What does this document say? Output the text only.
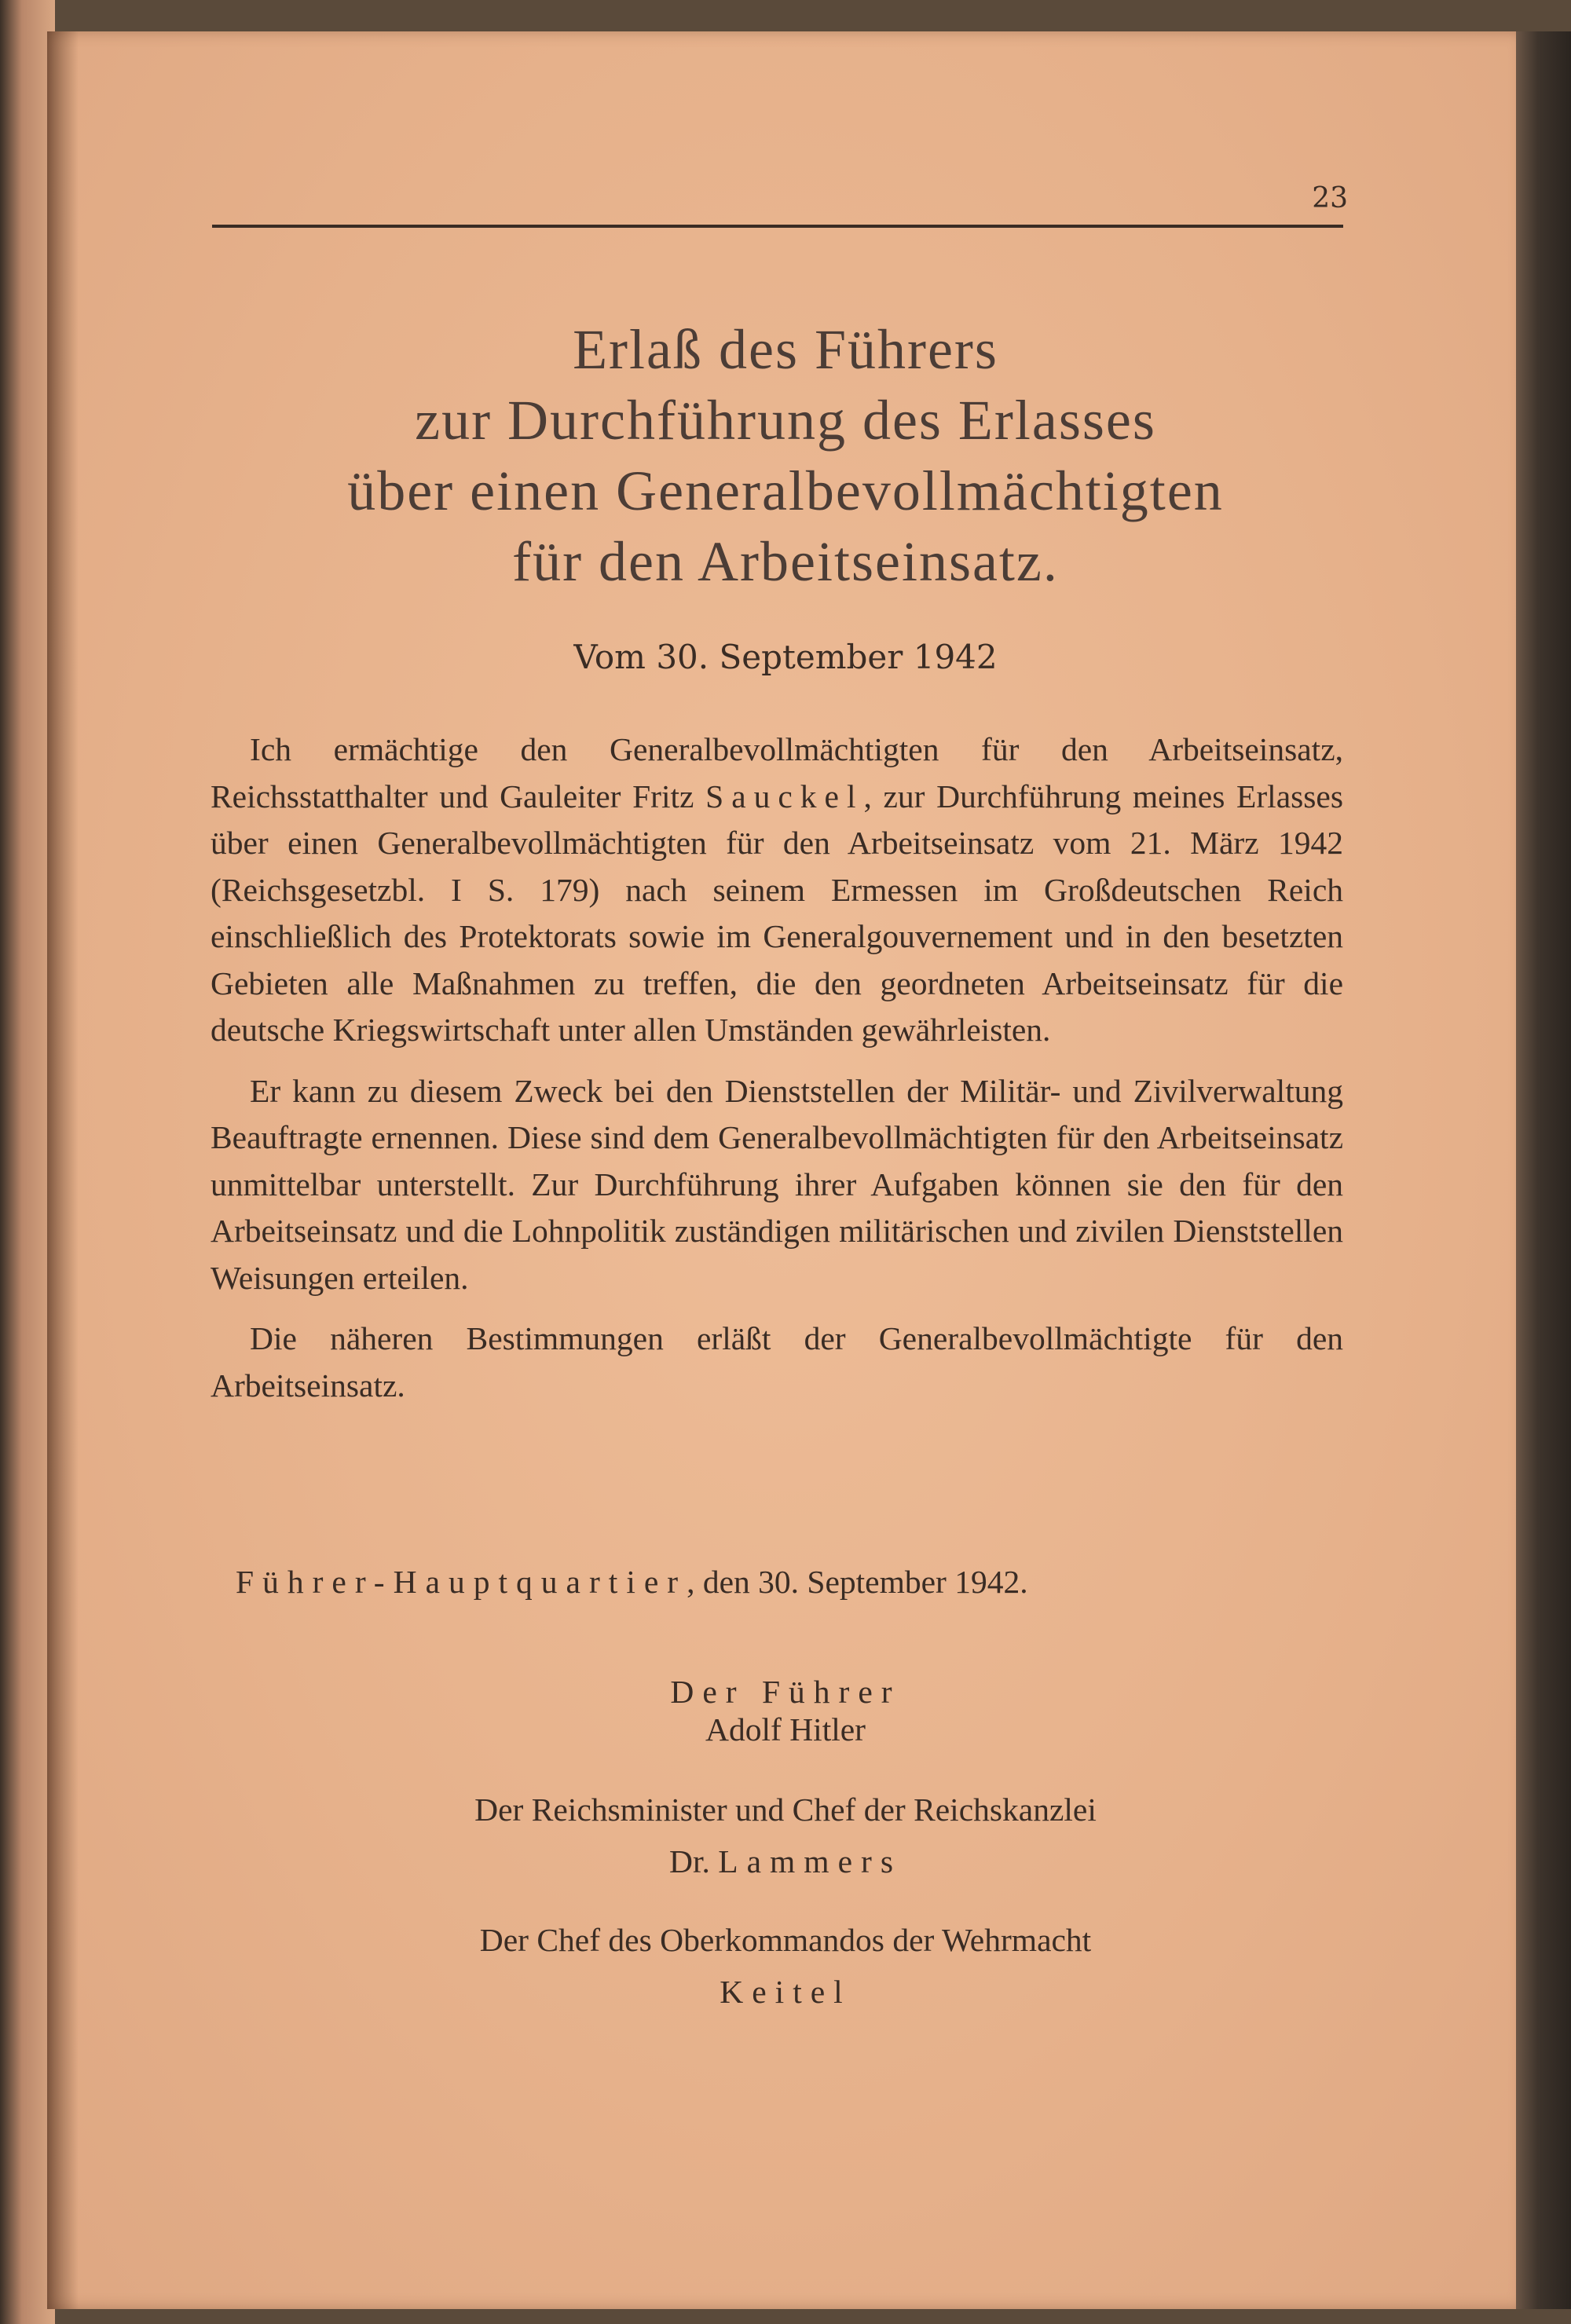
23
Erlaß des Führers
zur Durchführung des Erlasses
über einen Generalbevollmächtigten
für den Arbeitseinsatz.
Vom 30. September 1942

Ich ermächtige den Generalbevollmächtigten für den Arbeitseinsatz, Reichsstatthalter und Gauleiter Fritz Sauckel, zur Durchführung meines Erlasses über einen Generalbevollmächtigten für den Arbeitseinsatz vom 21. März 1942 (Reichsgesetzbl. I S. 179) nach seinem Ermessen im Großdeutschen Reich einschließlich des Protektorats sowie im Generalgouvernement und in den besetzten Gebieten alle Maßnahmen zu treffen, die den geordneten Arbeitseinsatz für die deutsche Kriegswirtschaft unter allen Umständen gewährleisten.

Er kann zu diesem Zweck bei den Dienststellen der Militär- und Zivilverwaltung Beauftragte ernennen. Diese sind dem Generalbevollmächtigten für den Arbeitseinsatz unmittelbar unterstellt. Zur Durchführung ihrer Aufgaben können sie den für den Arbeitseinsatz und die Lohnpolitik zuständigen militärischen und zivilen Dienststellen Weisungen erteilen.

Die näheren Bestimmungen erläßt der Generalbevollmächtigte für den Arbeitseinsatz.

Führer-Hauptquartier, den 30. September 1942.
Der Führer
Adolf Hitler
Der Reichsminister und Chef der Reichskanzlei
Dr. Lammers
Der Chef des Oberkommandos der Wehrmacht
Keitel
